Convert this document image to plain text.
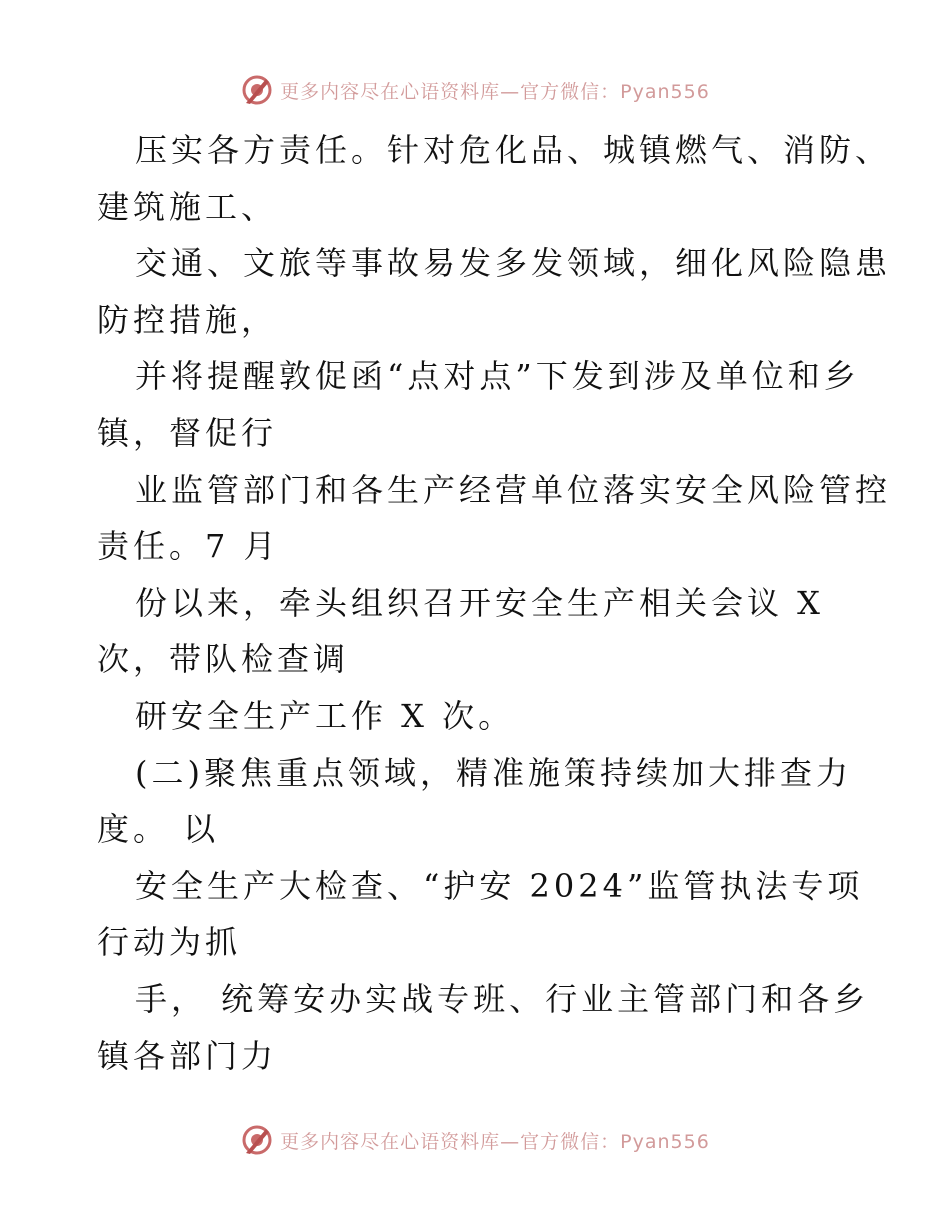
更多内容尽在心语资料库—官方微信：Pyan556
压实各方责任。针对危化品、城镇燃气、消防、
建筑施工、
交通、文旅等事故易发多发领域，细化风险隐患
防控措施，
并将提醒敦促函“点对点”下发到涉及单位和乡
镇，督促行
业监管部门和各生产经营单位落实安全风险管控
责任。7 月
份以来，牵头组织召开安全生产相关会议 X
次，带队检查调
研安全生产工作 X 次。
(二)聚焦重点领域，精准施策持续加大排查力
度。 以
安全生产大检查、“护安 2024”监管执法专项
行动为抓
手， 统筹安办实战专班、行业主管部门和各乡
镇各部门力
更多内容尽在心语资料库—官方微信：Pyan556
